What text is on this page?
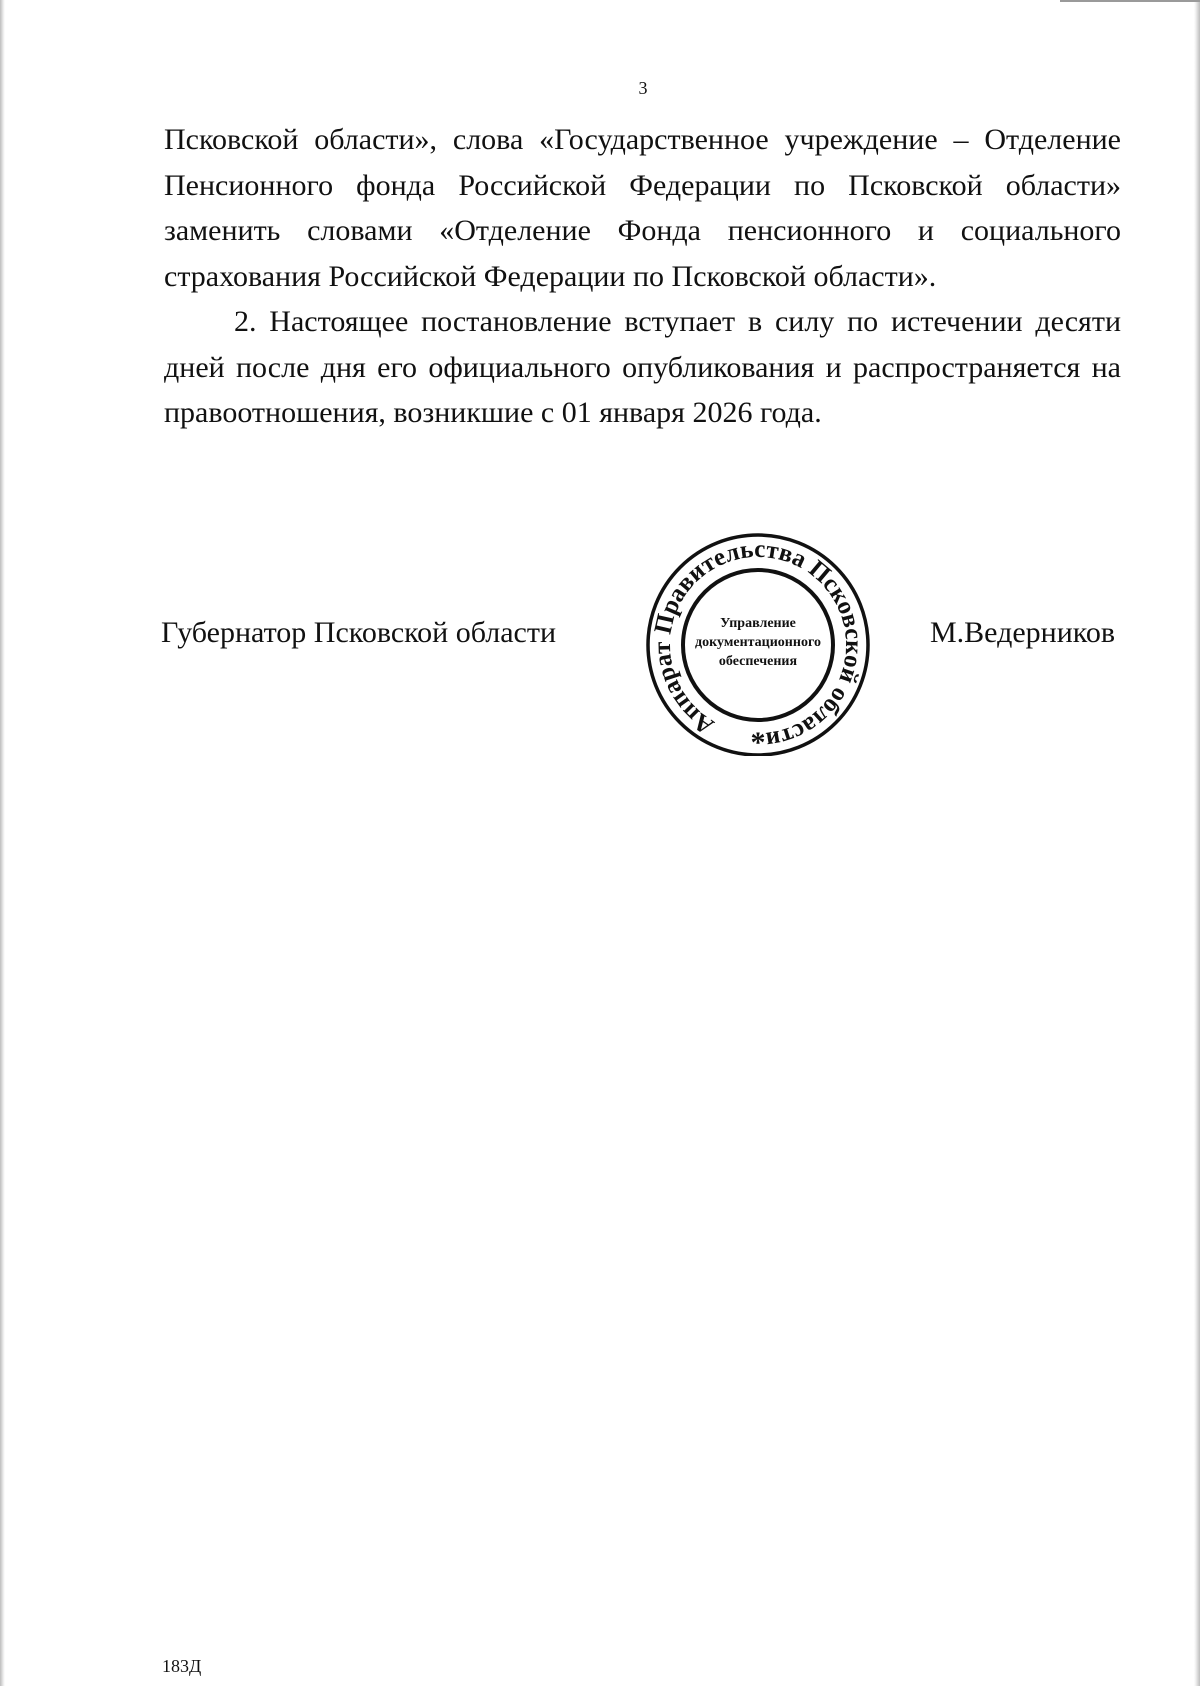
3

Псковской области», слова «Государственное учреждение – Отделение Пенсионного фонда Российской Федерации по Псковской области» заменить словами «Отделение Фонда пенсионного и социального страхования Российской Федерации по Псковской области».

2. Настоящее постановление вступает в силу по истечении десяти дней после дня его официального опубликования и распространяется на правоотношения, возникшие с 01 января 2026 года.

Губернатор Псковской области	М.Ведерников
Аппарат Правительства Псковской области
Управление
документационного
обеспечения
*
183Д
